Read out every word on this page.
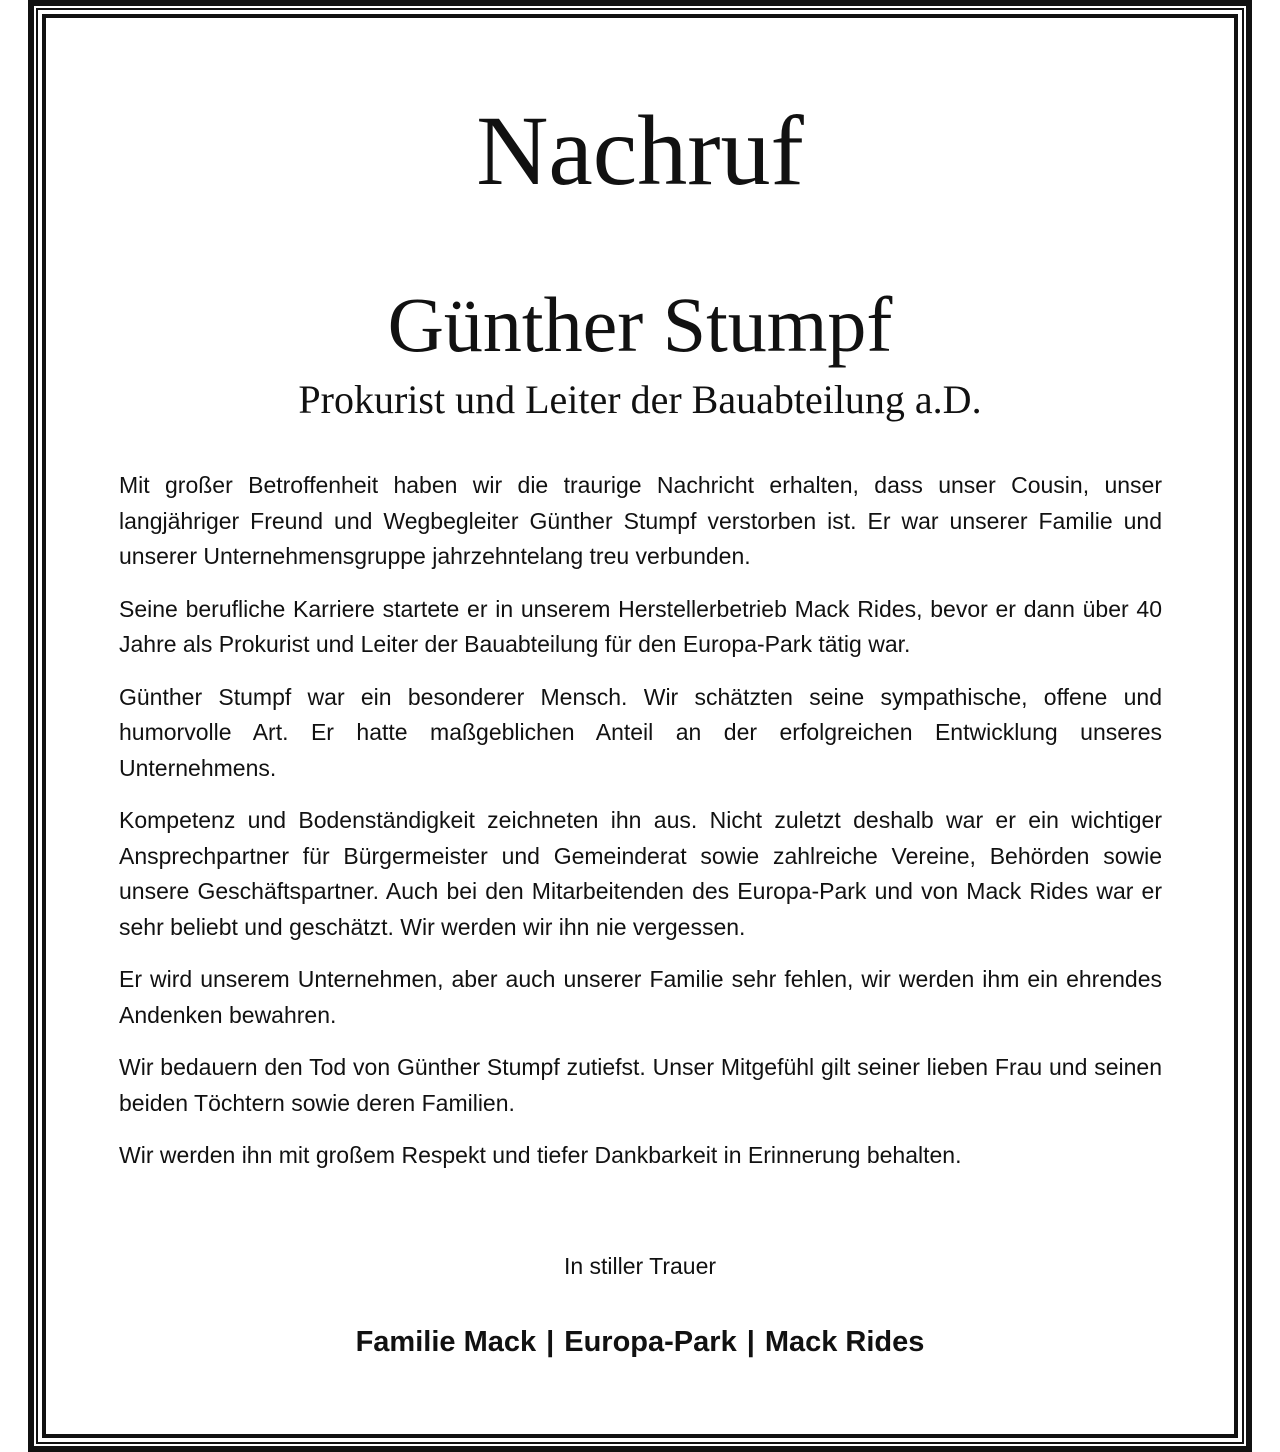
Nachruf
Günther Stumpf
Prokurist und Leiter der Bauabteilung a.D.

Mit großer Betroffenheit haben wir die traurige Nachricht erhalten, dass unser Cousin, unser langjähriger Freund und Wegbegleiter Günther Stumpf verstorben ist. Er war unserer Familie und unserer Unternehmensgruppe jahrzehntelang treu verbunden.

Seine berufliche Karriere startete er in unserem Herstellerbetrieb Mack Rides, bevor er dann über 40 Jahre als Prokurist und Leiter der Bauabteilung für den Europa-Park tätig war.

Günther Stumpf war ein besonderer Mensch. Wir schätzten seine sympathische, offene und humorvolle Art. Er hatte maßgeblichen Anteil an der erfolgreichen Entwicklung unseres Unternehmens.

Kompetenz und Bodenständigkeit zeichneten ihn aus. Nicht zuletzt deshalb war er ein wichtiger Ansprechpartner für Bürgermeister und Gemeinderat sowie zahlreiche Vereine, Behörden sowie unsere Geschäftspartner. Auch bei den Mitarbeitenden des Europa-Park und von Mack Rides war er sehr beliebt und geschätzt. Wir werden wir ihn nie vergessen.

Er wird unserem Unternehmen, aber auch unserer Familie sehr fehlen, wir werden ihm ein ehrendes Andenken bewahren.

Wir bedauern den Tod von Günther Stumpf zutiefst. Unser Mitgefühl gilt seiner lieben Frau und seinen beiden Töchtern sowie deren Familien.

Wir werden ihn mit großem Respekt und tiefer Dankbarkeit in Erinnerung behalten.

In stiller Trauer
Familie Mack | Europa-Park | Mack Rides
